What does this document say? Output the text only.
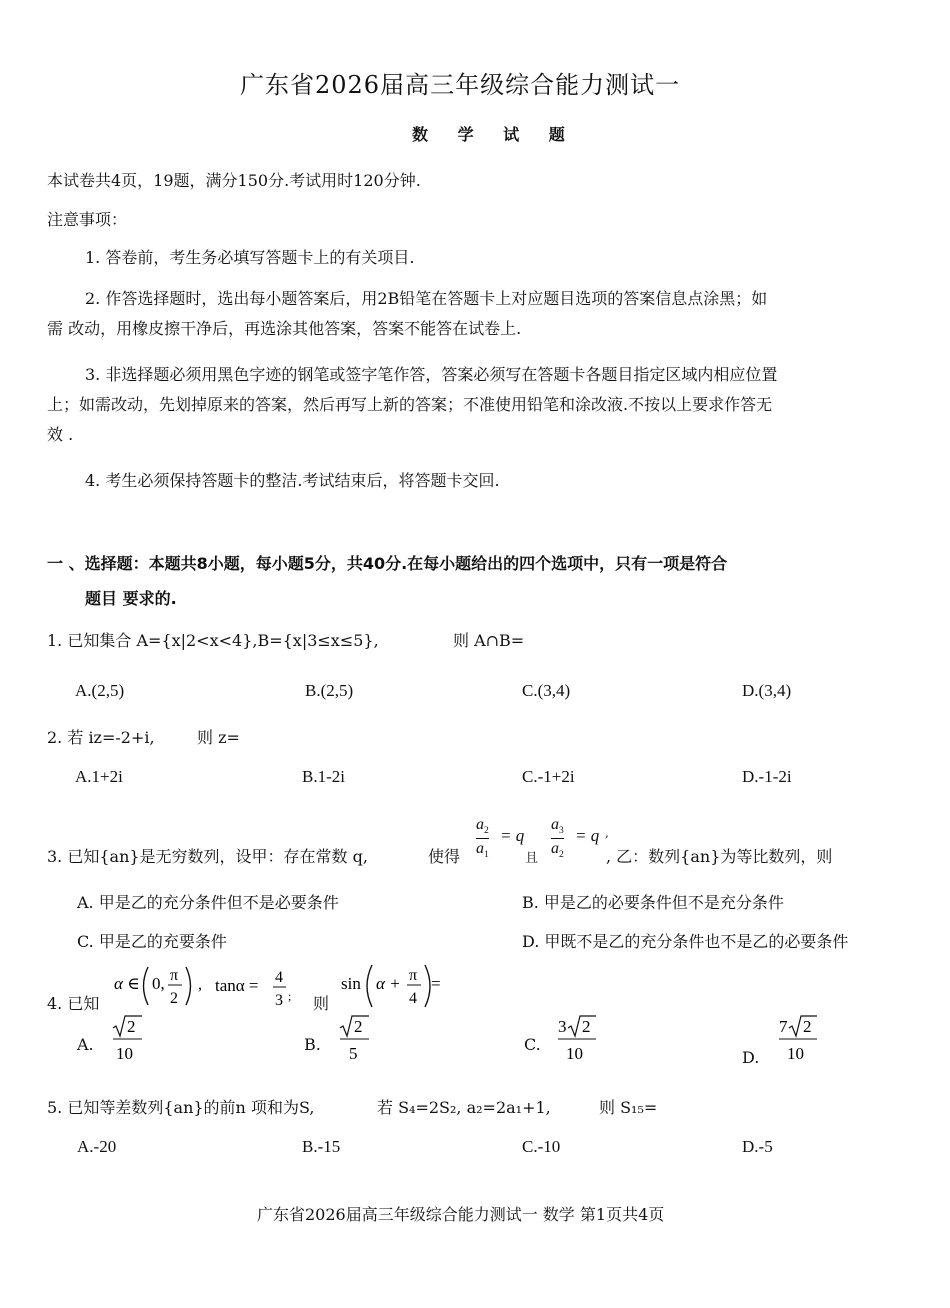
广东省2026届高三年级综合能力测试一
数 学 试 题
本试卷共4页，19题，满分150分.考试用时120分钟.
注意事项：
1. 答卷前，考生务必填写答题卡上的有关项目.
2. 作答选择题时，选出每小题答案后，用2B铅笔在答题卡上对应题目选项的答案信息点涂黑；如
需 改动，用橡皮擦干净后，再选涂其他答案，答案不能答在试卷上.
3. 非选择题必须用黑色字迹的钢笔或签字笔作答，答案必须写在答题卡各题目指定区域内相应位置
上；如需改动，先划掉原来的答案，然后再写上新的答案；不准使用铅笔和涂改液.不按以上要求作答无
效 .
4. 考生必须保持答题卡的整洁.考试结束后，将答题卡交回.
一 、选择题：本题共8小题，每小题5分，共40分.在每小题给出的四个选项中，只有一项是符合
题目 要求的.
1. 已知集合 A={x|2<x<4},B={x|3≤x≤5},	则 A∩B=
A.(2,5)	B.(2,5)	C.(3,4)	D.(3,4)
2. 若 iz=-2+i,	则 z=
A.1+2i	B.1-2i	C.-1+2i	D.-1-2i
3. 已知{an}是无穷数列，设甲：存在常数 q,	使得
$a_2$
$a_1$
= q
且
$a_3$
$a_2$
= q ,
, 乙：数列{an}为等比数列，则
A. 甲是乙的充分条件但不是必要条件	B. 甲是乙的必要条件但不是充分条件
C. 甲是乙的充要条件	D. 甲既不是乙的充分条件也不是乙的必要条件
4. 已知
α ∈ 0, π
2
, tanα = 4
3 ; 则
sin α + π
4
=
A.
2
10	B.
2
5	C.
3 2
10	D.
7 2
10
5. 已知等差数列{an}的前n 项和为S,	若 S₄=2S₂, a₂=2a₁+1,	则 S₁₅=
A.-20	B.-15	C.-10	D.-5
广东省2026届高三年级综合能力测试一 数学 第1页共4页
